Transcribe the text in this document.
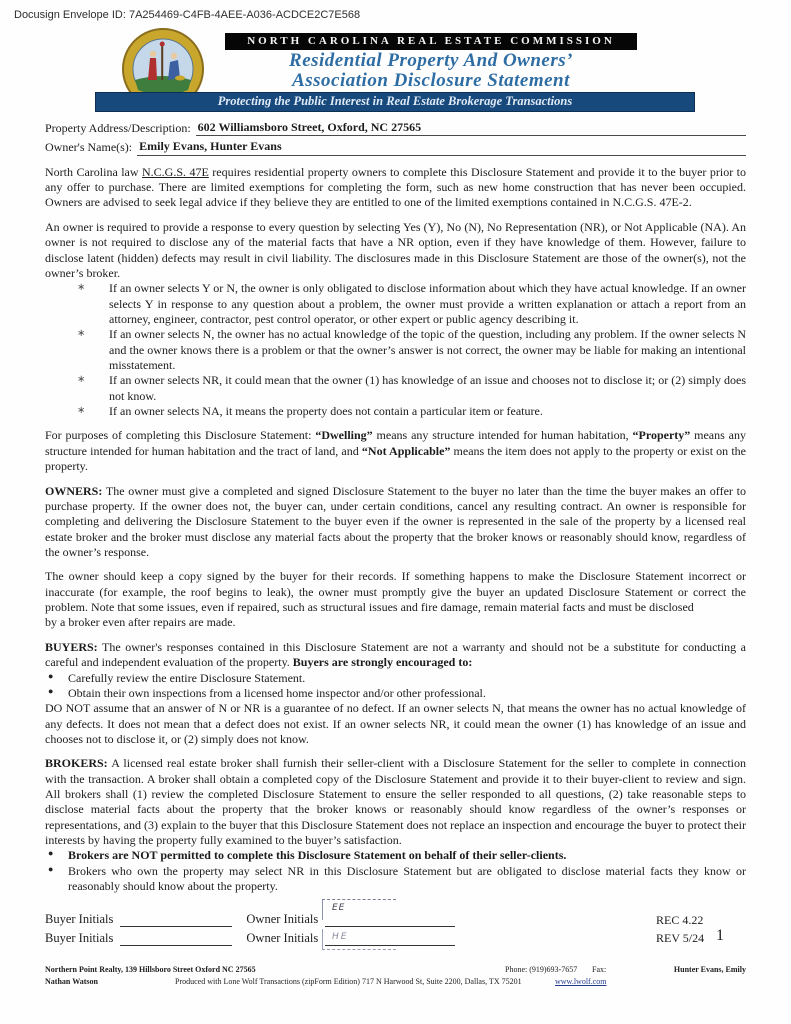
Docusign Envelope ID: 7A254469-C4FB-4AEE-A036-ACDCE2C7E568
NORTH CAROLINA REAL ESTATE COMMISSION
Residential Property And Owners’
Association Disclosure Statement
Protecting the Public Interest in Real Estate Brokerage Transactions
Property Address/Description: 602 Williamsboro Street, Oxford, NC 27565
Owner's Name(s): Emily Evans, Hunter Evans

North Carolina law N.C.G.S. 47E requires residential property owners to complete this Disclosure Statement and provide it to the buyer prior to any offer to purchase. There are limited exemptions for completing the form, such as new home construction that has never been occupied. Owners are advised to seek legal advice if they believe they are entitled to one of the limited exemptions contained in N.C.G.S. 47E-2.

An owner is required to provide a response to every question by selecting Yes (Y), No (N), No Representation (NR), or Not Applicable (NA). An owner is not required to disclose any of the material facts that have a NR option, even if they have knowledge of them. However, failure to disclose latent (hidden) defects may result in civil liability. The disclosures made in this Disclosure Statement are those of the owner(s), not the owner’s broker.

∗ If an owner selects Y or N, the owner is only obligated to disclose information about which they have actual knowledge. If an owner selects Y in response to any question about a problem, the owner must provide a written explanation or attach a report from an attorney, engineer, contractor, pest control operator, or other expert or public agency describing it.
∗ If an owner selects N, the owner has no actual knowledge of the topic of the question, including any problem. If the owner selects N and the owner knows there is a problem or that the owner’s answer is not correct, the owner may be liable for making an intentional misstatement.
∗ If an owner selects NR, it could mean that the owner (1) has knowledge of an issue and chooses not to disclose it; or (2) simply does not know.
∗ If an owner selects NA, it means the property does not contain a particular item or feature.

For purposes of completing this Disclosure Statement: “Dwelling” means any structure intended for human habitation, “Property” means any structure intended for human habitation and the tract of land, and “Not Applicable” means the item does not apply to the property or exist on the property.

OWNERS: The owner must give a completed and signed Disclosure Statement to the buyer no later than the time the buyer makes an offer to purchase property. If the owner does not, the buyer can, under certain conditions, cancel any resulting contract. An owner is responsible for completing and delivering the Disclosure Statement to the buyer even if the owner is represented in the sale of the property by a licensed real estate broker and the broker must disclose any material facts about the property that the broker knows or reasonably should know, regardless of the owner’s response.

The owner should keep a copy signed by the buyer for their records. If something happens to make the Disclosure Statement incorrect or inaccurate (for example, the roof begins to leak), the owner must promptly give the buyer an updated Disclosure Statement or correct the problem. Note that some issues, even if repaired, such as structural issues and fire damage, remain material facts and must be disclosed
by a broker even after repairs are made.

BUYERS: The owner's responses contained in this Disclosure Statement are not a warranty and should not be a substitute for conducting a careful and independent evaluation of the property. Buyers are strongly encouraged to:

● Carefully review the entire Disclosure Statement.
● Obtain their own inspections from a licensed home inspector and/or other professional.
DO NOT assume that an answer of N or NR is a guarantee of no defect. If an owner selects N, that means the owner has no actual knowledge of any defects. It does not mean that a defect does not exist. If an owner selects NR, it could mean the owner (1) has knowledge of an issue and chooses not to disclose it, or (2) simply does not know.

BROKERS: A licensed real estate broker shall furnish their seller-client with a Disclosure Statement for the seller to complete in connection with the transaction. A broker shall obtain a completed copy of the Disclosure Statement and provide it to their buyer-client to review and sign. All brokers shall (1) review the completed Disclosure Statement to ensure the seller responded to all questions, (2) take reasonable steps to disclose material facts about the property that the broker knows or reasonably should know regardless of the owner’s responses or representations, and (3) explain to the buyer that this Disclosure Statement does not replace an inspection and encourage the buyer to protect their interests by having the property fully examined to the buyer’s satisfaction.

● Brokers are NOT permitted to complete this Disclosure Statement on behalf of their seller-clients.
● Brokers who own the property may select NR in this Disclosure Statement but are obligated to disclose material facts they know or reasonably should know about the property.
Buyer Initials	Owner Initials
Buyer Initials	Owner Initials
EE
HE
REC 4.22
REV 5/24 1
Northern Point Realty, 139 Hillsboro Street Oxford NC 27565	Phone: (919)693-7657 Fax:	Hunter Evans, Emily
Nathan Watson	Produced with Lone Wolf Transactions (zipForm Edition) 717 N Harwood St, Suite 2200, Dallas, TX 75201	www.lwolf.com
